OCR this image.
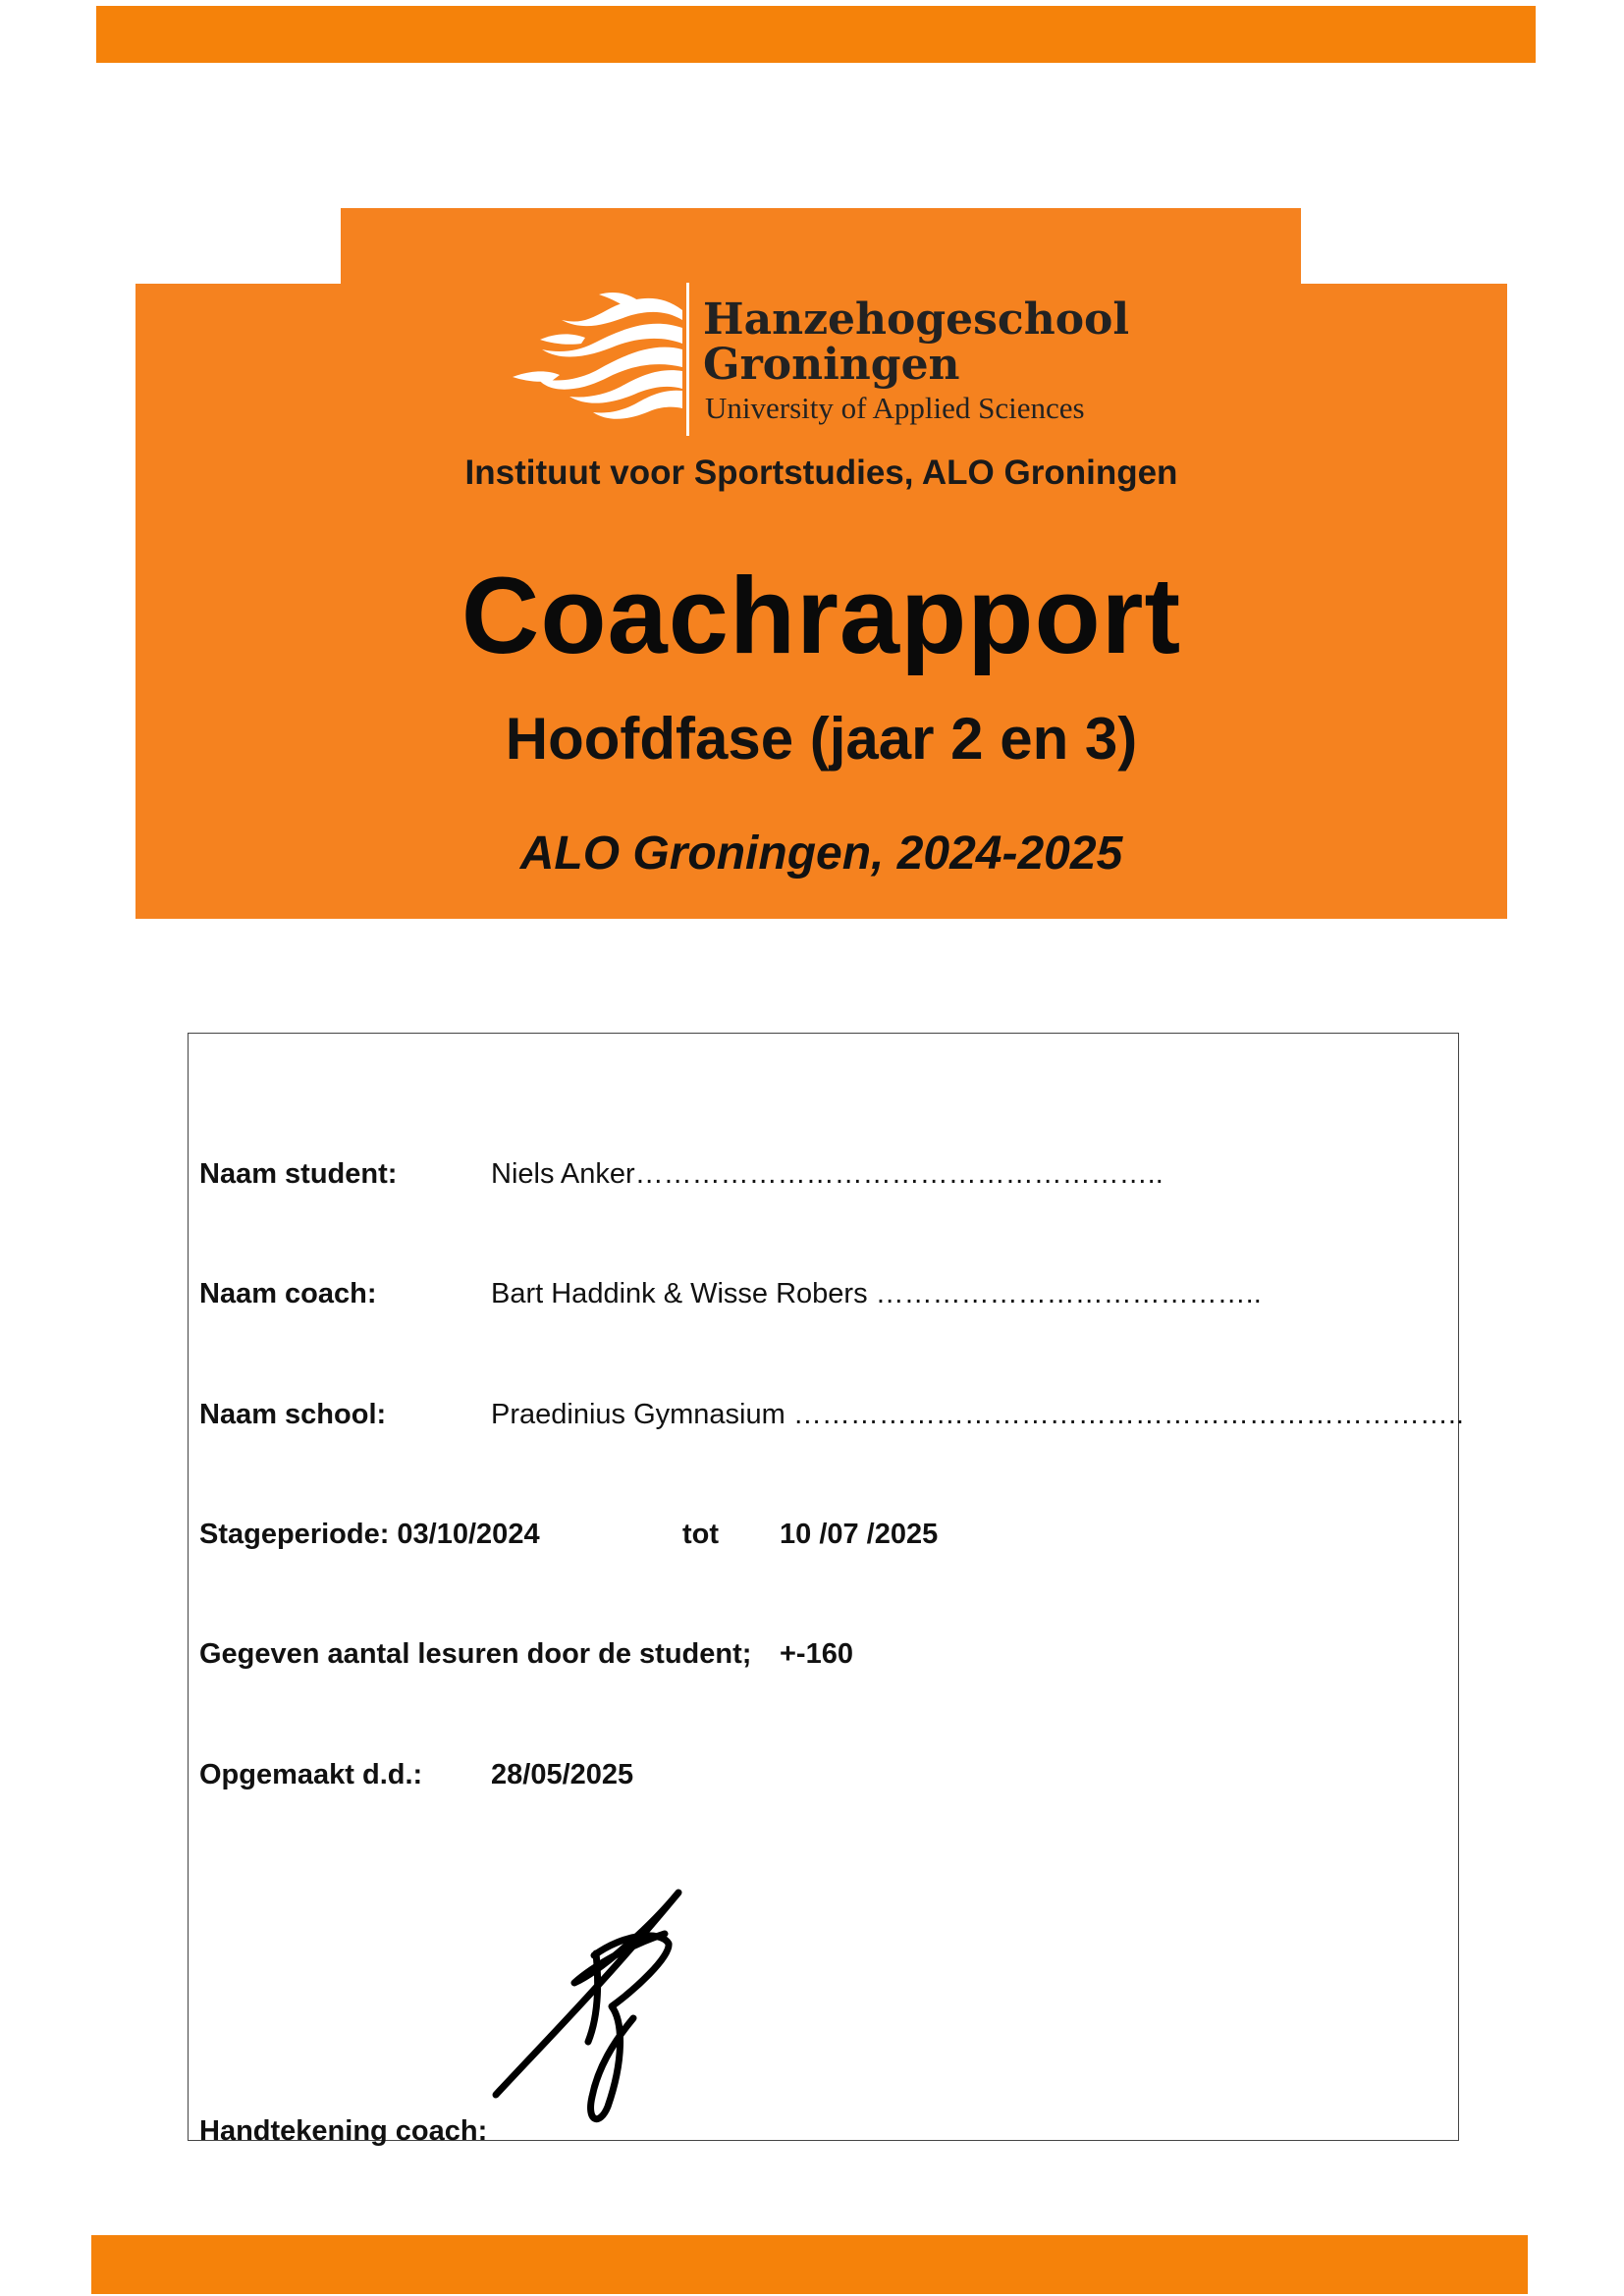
Hanzehogeschool
Groningen
University of Applied Sciences
Instituut voor Sportstudies, ALO Groningen
Coachrapport
Hoofdfase (jaar 2 en 3)
ALO Groningen, 2024-2025
Naam student:	Niels Anker………………………………………………..
Naam coach:	Bart Haddink & Wisse Robers …………………………………..
Naam school:	Praedinius Gymnasium ……………………………………………………………..
Stageperiode: 03/10/2024	tot 10 /07 /2025
Gegeven aantal lesuren door de student; +-160
Opgemaakt d.d.: 28/05/2025
Handtekening coach:
